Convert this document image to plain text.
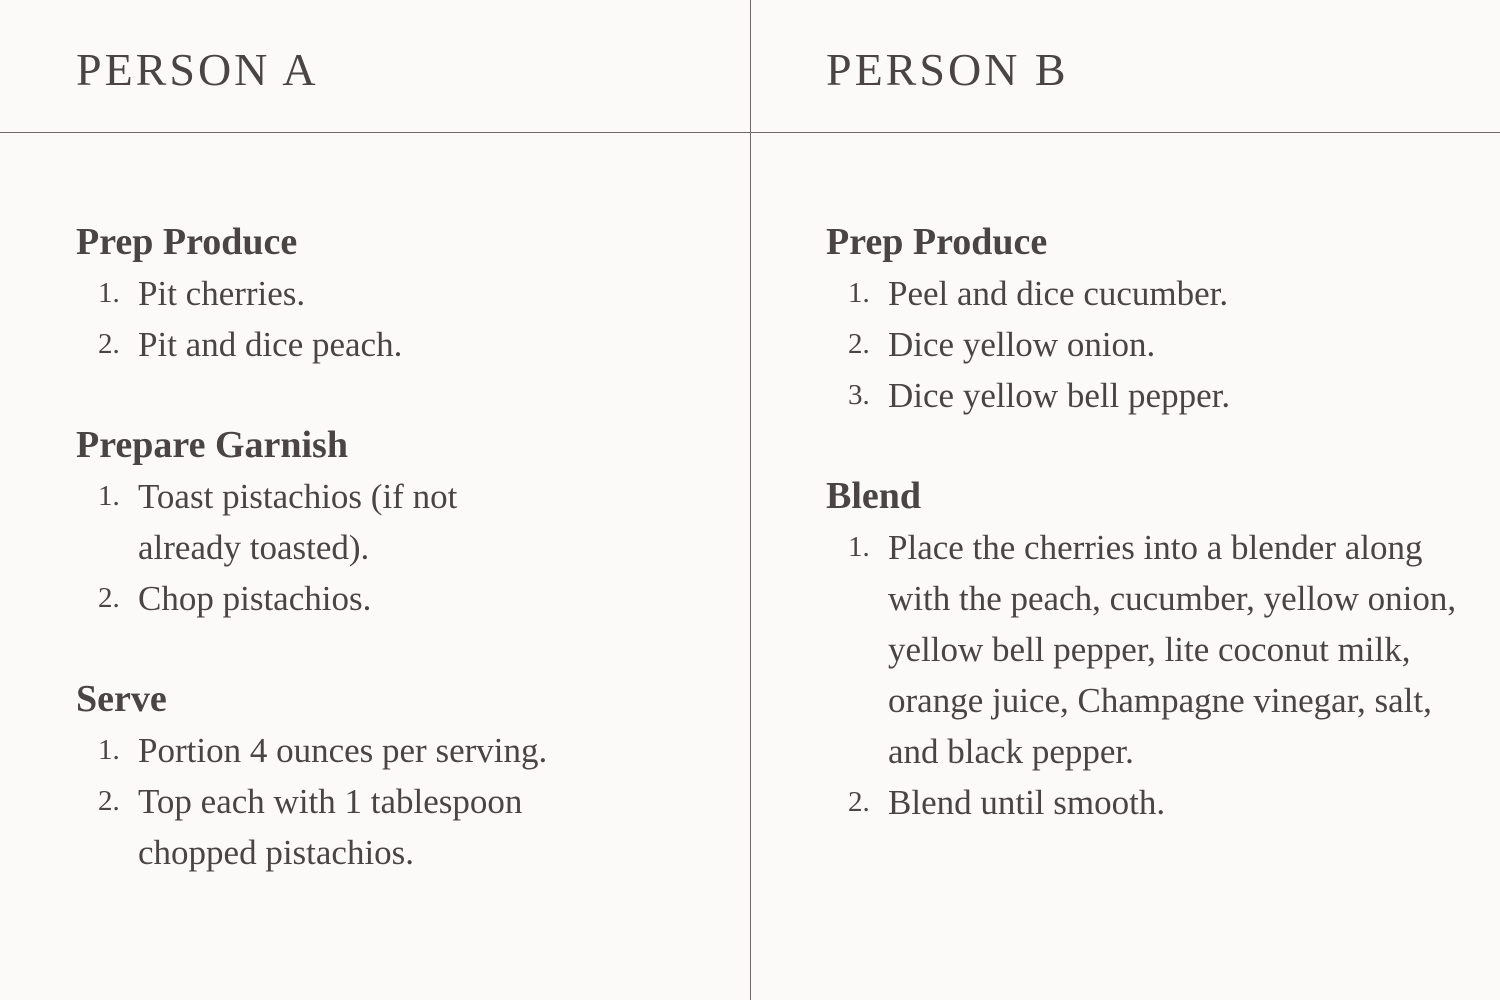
PERSON A
Prep Produce
1. Pit cherries.
2. Pit and dice peach.
Prepare Garnish
1. Toast pistachios (if not already toasted).
2. Chop pistachios.
Serve
1. Portion 4 ounces per serving.
2. Top each with 1 tablespoon chopped pistachios.
PERSON B
Prep Produce
1. Peel and dice cucumber.
2. Dice yellow onion.
3. Dice yellow bell pepper.
Blend
1. Place the cherries into a blender along with the peach, cucumber, yellow onion, yellow bell pepper, lite coconut milk, orange juice, Champagne vinegar, salt, and black pepper.
2. Blend until smooth.
